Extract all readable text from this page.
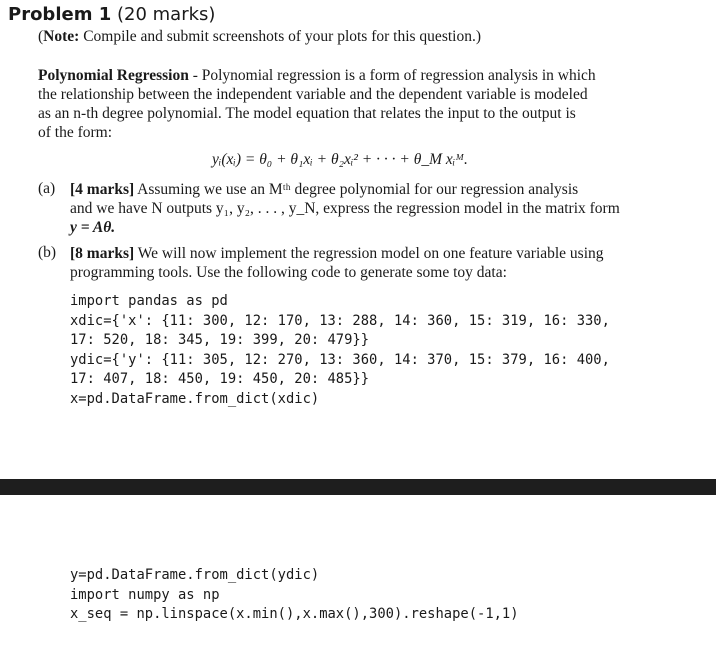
Problem 1 (20 marks)
(Note: Compile and submit screenshots of your plots for this question.)
Polynomial Regression - Polynomial regression is a form of regression analysis in which
the relationship between the independent variable and the dependent variable is modeled
as an n-th degree polynomial. The model equation that relates the input to the output is
of the form:
yᵢ(xᵢ) = θ₀ + θ₁xᵢ + θ₂xᵢ² + · · · + θ_M xᵢᴹ.
(a) [4 marks] Assuming we use an Mᵗʰ degree polynomial for our regression analysis
and we have N outputs y₁, y₂, . . . , y_N, express the regression model in the matrix form
y = Aθ.
(b) [8 marks] We will now implement the regression model on one feature variable using
programming tools. Use the following code to generate some toy data:
import pandas as pd
xdic={'x': {11: 300, 12: 170, 13: 288, 14: 360, 15: 319, 16: 330,
17: 520, 18: 345, 19: 399, 20: 479}}
ydic={'y': {11: 305, 12: 270, 13: 360, 14: 370, 15: 379, 16: 400,
17: 407, 18: 450, 19: 450, 20: 485}}
x=pd.DataFrame.from_dict(xdic)
y=pd.DataFrame.from_dict(ydic)
import numpy as np
x_seq = np.linspace(x.min(),x.max(),300).reshape(-1,1)
